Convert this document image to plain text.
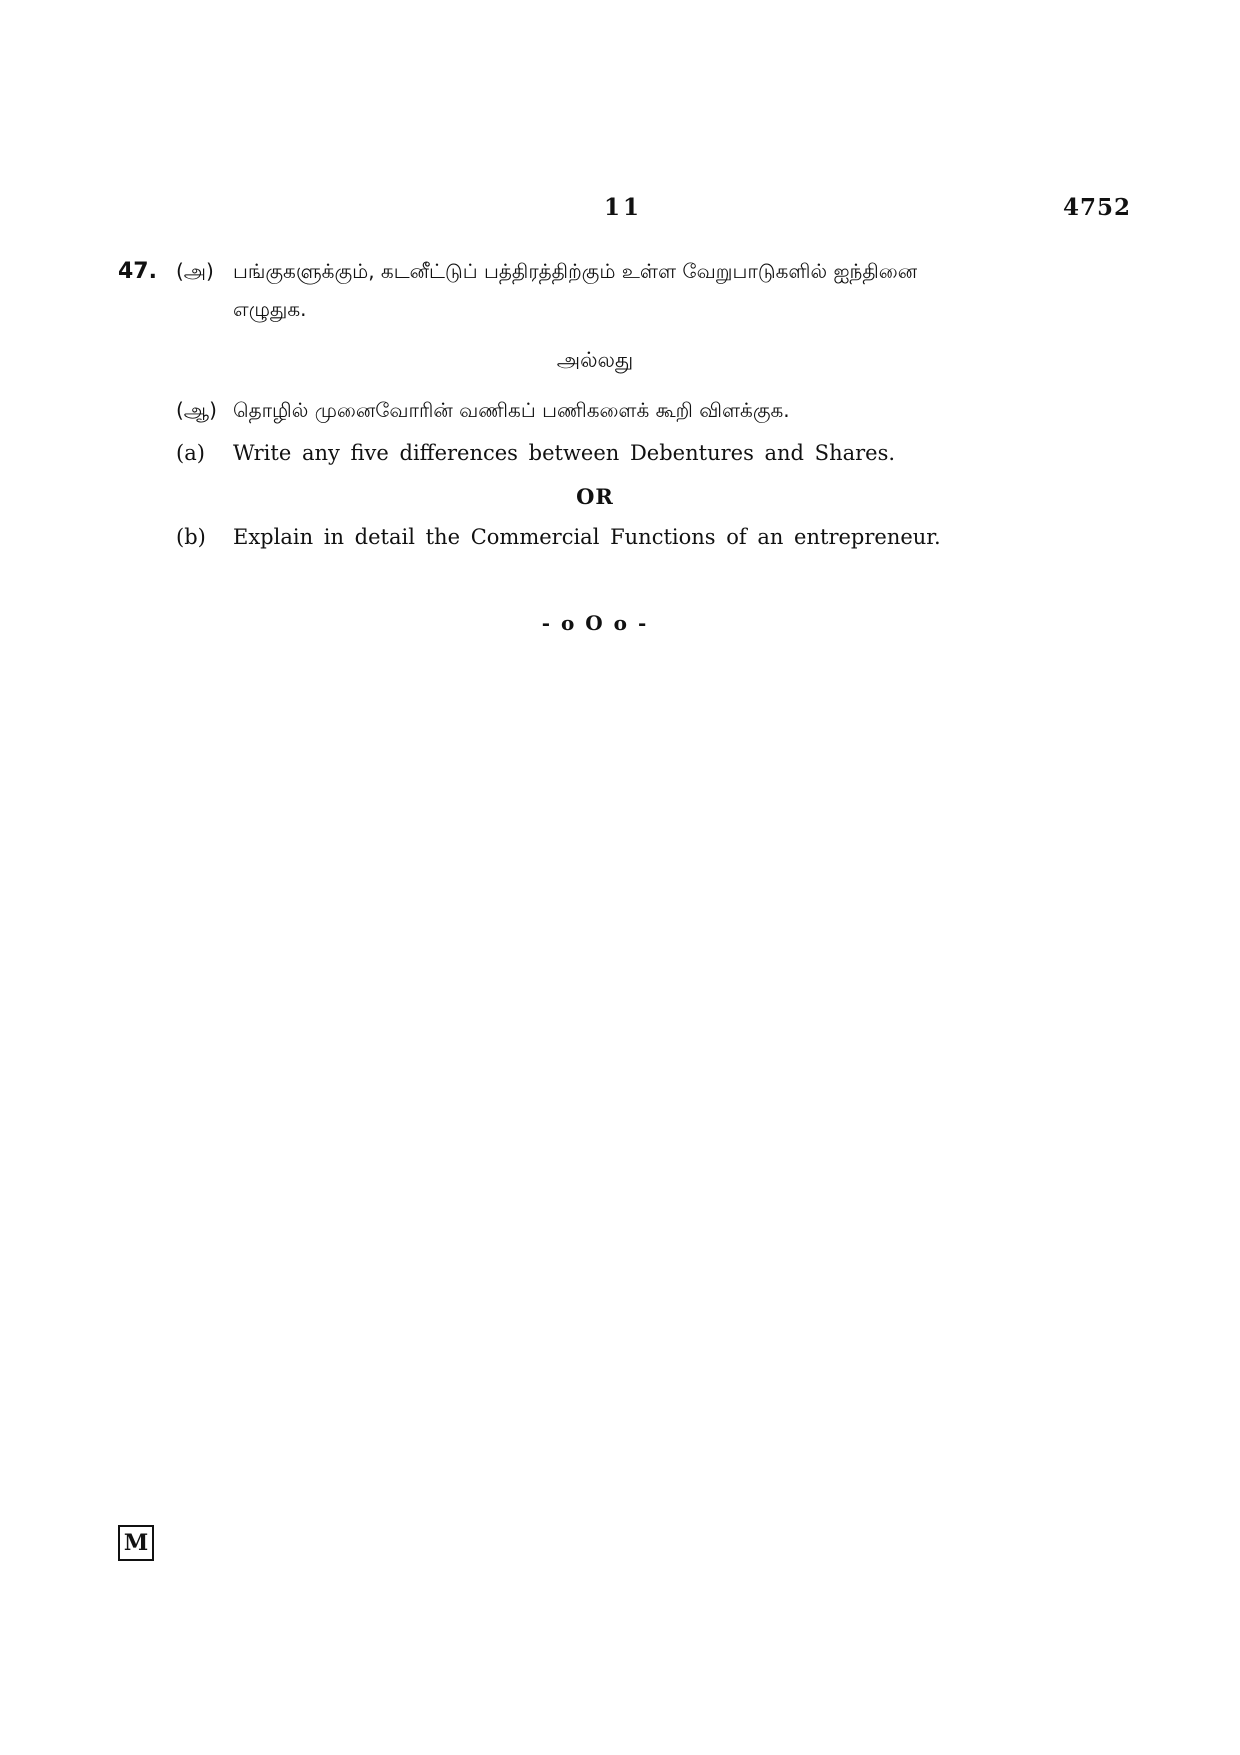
11	4752
47. (அ) பங்குகளுக்கும், கடனீட்டுப் பத்திரத்திற்கும் உள்ள வேறுபாடுகளில் ஐந்தினை
எழுதுக.
அல்லது
(ஆ) தொழில் முனைவோரின் வணிகப் பணிகளைக் கூறி விளக்குக.
(a) Write any five differences between Debentures and Shares.
OR
(b) Explain in detail the Commercial Functions of an entrepreneur.
- o O o -
M
